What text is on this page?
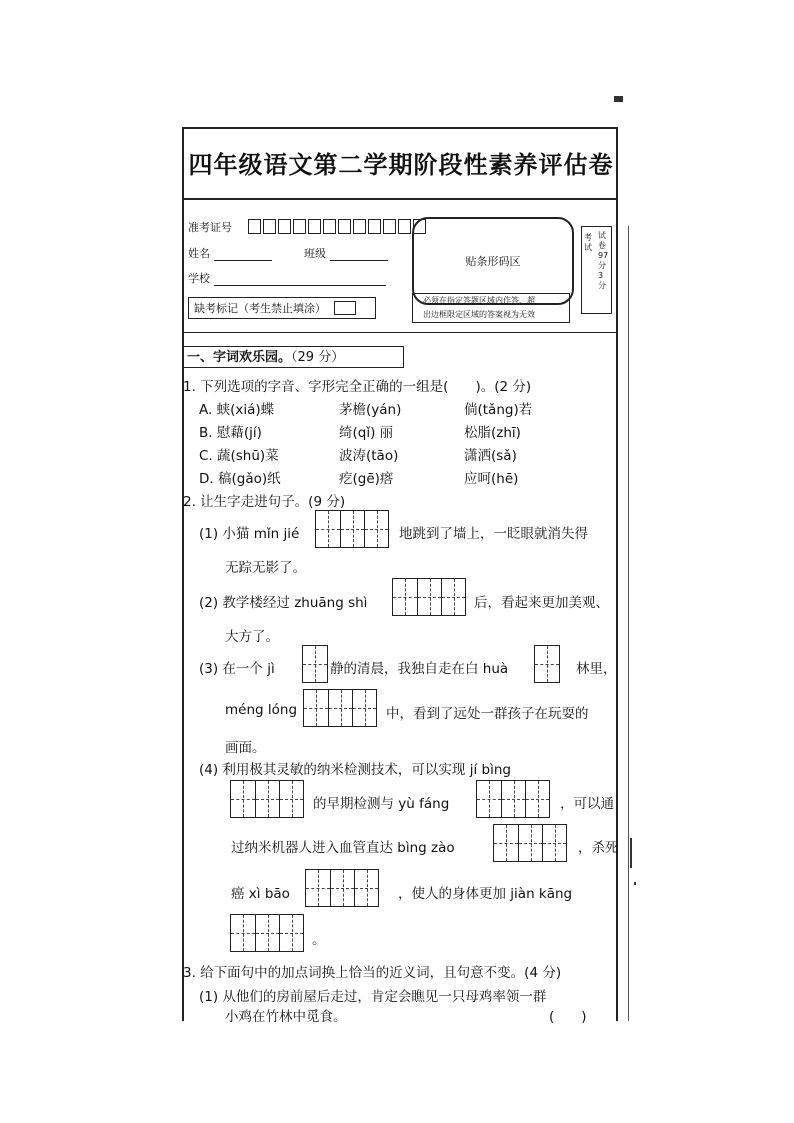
四年级语文第二学期阶段性素养评估卷
准考证号
姓名	班级
学校
贴条形码区
考试
试卷
97
分
3
分
缺考标记（考生禁止填涂）
必须在指定答题区域内作答，超
出边框限定区域的答案视为无效
一、字词欢乐园。（29 分）
1. 下列选项的字音、字形完全正确的一组是(　　)。(2 分)
A. 蛱(xiá)蝶	茅檐(yán)	倘(tǎng)若
B. 慰藉(jí)	绮(qǐ) 丽	松脂(zhī)
C. 蔬(shū)菜	波涛(tāo)	潇洒(sǎ)
D. 稿(gǎo)纸	疙(gē)瘩	应呵(hē)
2. 让生字走进句子。(9 分)
(1) 小猫 mǐn jié	地跳到了墙上，一眨眼就消失得
无踪无影了。
(2) 教学楼经过 zhuāng shì	后，看起来更加美观、
大方了。
(3) 在一个 jì	静的清晨，我独自走在白 huà	林里，
méng lóng	中，看到了远处一群孩子在玩耍的
画面。
(4) 利用极其灵敏的纳米检测技术，可以实现 jí bìng
的早期检测与 yù fáng	，可以通
过纳米机器人进入血管直达 bìng zào	，杀死
癌 xì bāo	，使人的身体更加 jiàn kāng
。
3. 给下面句中的加点词换上恰当的近义词，且句意不变。(4 分)
(1) 从他们的房前屋后走过，肯定会瞧见一只母鸡率领一群
小鸡在竹林中觅食。	(　　)
